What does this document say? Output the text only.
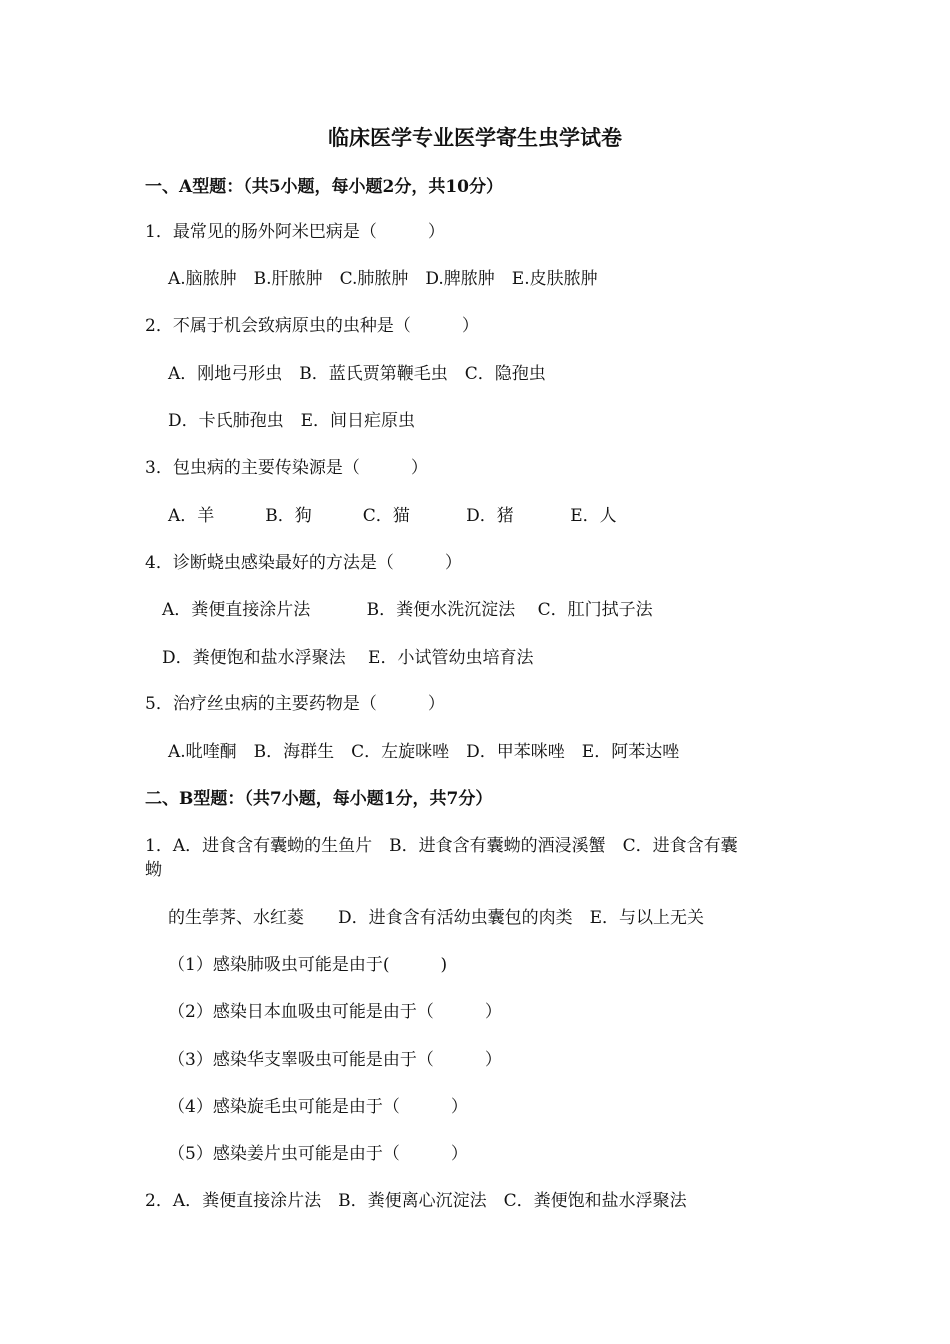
临床医学专业医学寄生虫学试卷
一、A型题：（共5小题，每小题2分，共10分）
1．最常见的肠外阿米巴病是（　　　）
A.脑脓肿　B.肝脓肿　C.肺脓肿　D.脾脓肿　E.皮肤脓肿
2．不属于机会致病原虫的虫种是（　　　）
A．刚地弓形虫　B．蓝氏贾第鞭毛虫　C．隐孢虫
D．卡氏肺孢虫　E．间日疟原虫
3．包虫病的主要传染源是（　　　）
A．羊　　　B．狗　　　C．猫　　　 D．猪　　　 E．人
4．诊断蛲虫感染最好的方法是（　　　）
A．粪便直接涂片法　　　 B．粪便水洗沉淀法　 C．肛门拭子法
D．粪便饱和盐水浮聚法　 E．小试管幼虫培育法
5．治疗丝虫病的主要药物是（　　　）
A.吡喹酮　B．海群生　C．左旋咪唑　D．甲苯咪唑　E．阿苯达唑
二、B型题：（共7小题，每小题1分，共7分）
1．A．进食含有囊蚴的生鱼片　B．进食含有囊蚴的酒浸溪蟹　C．进食含有囊
蚴
的生荸荠、水红菱　　D．进食含有活幼虫囊包的肉类　E．与以上无关
（1）感染肺吸虫可能是由于(　　　)
（2）感染日本血吸虫可能是由于（　　　）
（3）感染华支睾吸虫可能是由于（　　　）
（4）感染旋毛虫可能是由于（　　　）
（5）感染姜片虫可能是由于（　　　）
2．A．粪便直接涂片法　B．粪便离心沉淀法　C．粪便饱和盐水浮聚法
